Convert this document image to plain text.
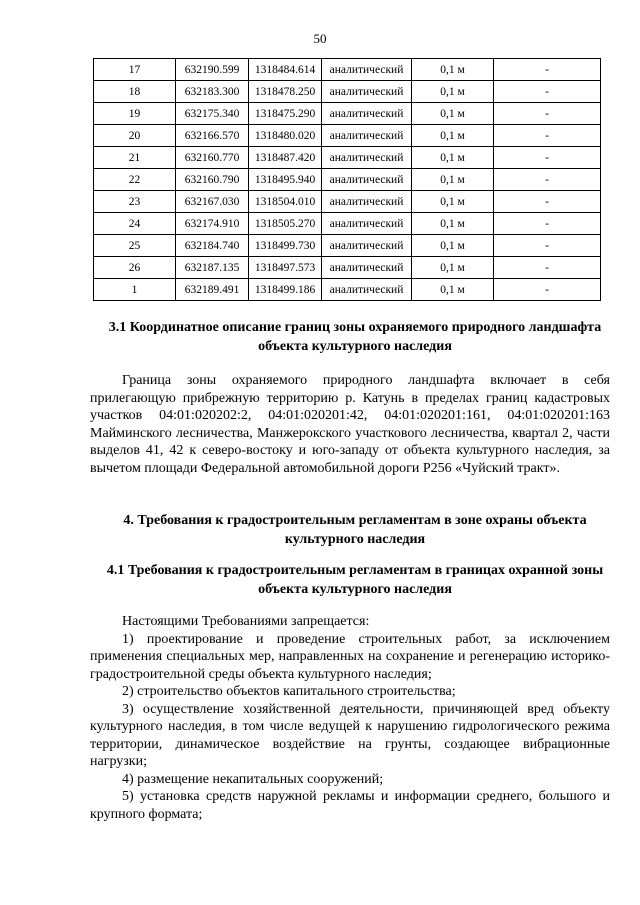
50
17	632190.599	1318484.614	аналитический	0,1 м	-
18	632183.300	1318478.250	аналитический	0,1 м	-
19	632175.340	1318475.290	аналитический	0,1 м	-
20	632166.570	1318480.020	аналитический	0,1 м	-
21	632160.770	1318487.420	аналитический	0,1 м	-
22	632160.790	1318495.940	аналитический	0,1 м	-
23	632167.030	1318504.010	аналитический	0,1 м	-
24	632174.910	1318505.270	аналитический	0,1 м	-
25	632184.740	1318499.730	аналитический	0,1 м	-
26	632187.135	1318497.573	аналитический	0,1 м	-
1	632189.491	1318499.186	аналитический	0,1 м	-
3.1 Координатное описание границ зоны охраняемого природного ландшафта объекта культурного наследия

Граница зоны охраняемого природного ландшафта включает в себя прилегающую прибрежную территорию р. Катунь в пределах границ кадастровых участков 04:01:020202:2, 04:01:020201:42, 04:01:020201:161, 04:01:020201:163 Майминского лесничества, Манжерокского участкового лесничества, квартал 2, части выделов 41, 42 к северо-востоку и юго-западу от объекта культурного наследия, за вычетом площади Федеральной автомобильной дороги Р256 «Чуйский тракт».

4. Требования к градостроительным регламентам в зоне охраны объекта культурного наследия
4.1 Требования к градостроительным регламентам в границах охранной зоны объекта культурного наследия

Настоящими Требованиями запрещается:

1) проектирование и проведение строительных работ, за исключением применения специальных мер, направленных на сохранение и регенерацию историко-градостроительной среды объекта культурного наследия;

2) строительство объектов капитального строительства;

3) осуществление хозяйственной деятельности, причиняющей вред объекту культурного наследия, в том числе ведущей к нарушению гидрологического режима территории, динамическое воздействие на грунты, создающее вибрационные нагрузки;

4) размещение некапитальных сооружений;

5) установка средств наружной рекламы и информации среднего, большого и крупного формата;
